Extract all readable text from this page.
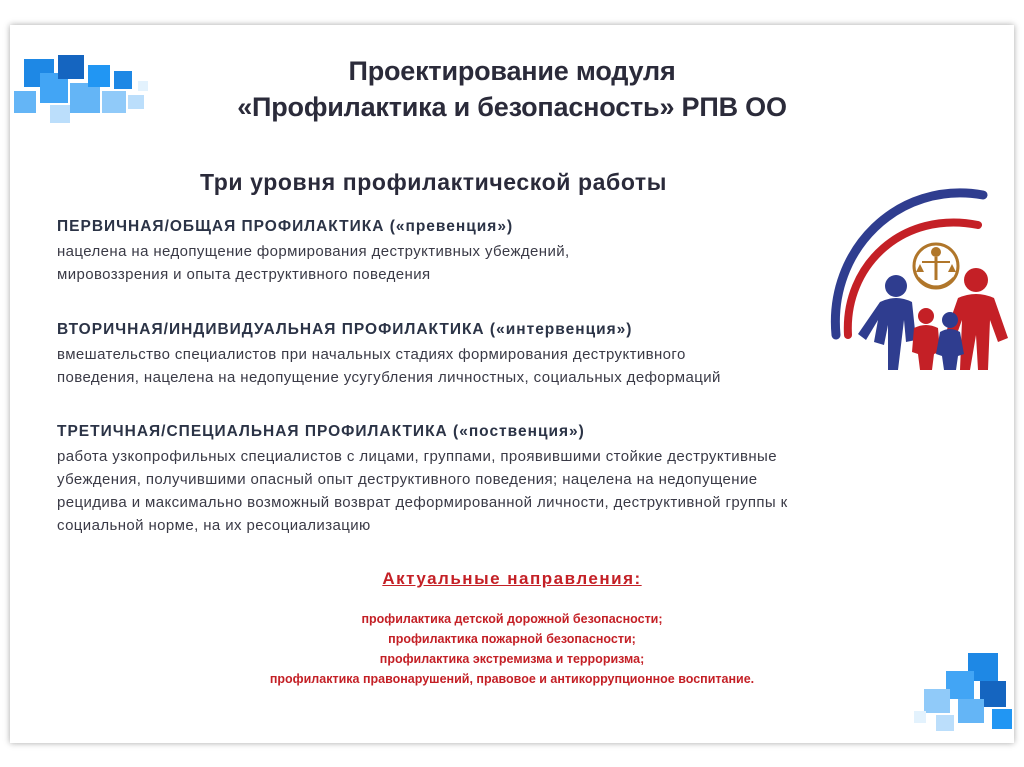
Проектирование модуля
«Профилактика и безопасность» РПВ ОО
Три уровня профилактической работы
ПЕРВИЧНАЯ/ОБЩАЯ ПРОФИЛАКТИКА («превенция»)
нацелена на недопущение формирования деструктивных убеждений,
мировоззрения и опыта деструктивного поведения
ВТОРИЧНАЯ/ИНДИВИДУАЛЬНАЯ ПРОФИЛАКТИКА («интервенция»)
вмешательство специалистов при начальных стадиях формирования деструктивного
поведения, нацелена на недопущение усугубления личностных, социальных деформаций
ТРЕТИЧНАЯ/СПЕЦИАЛЬНАЯ ПРОФИЛАКТИКА («поственция»)
работа узкопрофильных специалистов с лицами, группами, проявившими стойкие деструктивные
убеждения, получившими опасный опыт деструктивного поведения; нацелена на недопущение
рецидива и максимально возможный возврат деформированной личности, деструктивной группы к
социальной норме, на их ресоциализацию
Актуальные направления:
профилактика детской дорожной безопасности;
профилактика пожарной безопасности;
профилактика экстремизма и терроризма;
профилактика правонарушений, правовое и антикоррупционное воспитание.
